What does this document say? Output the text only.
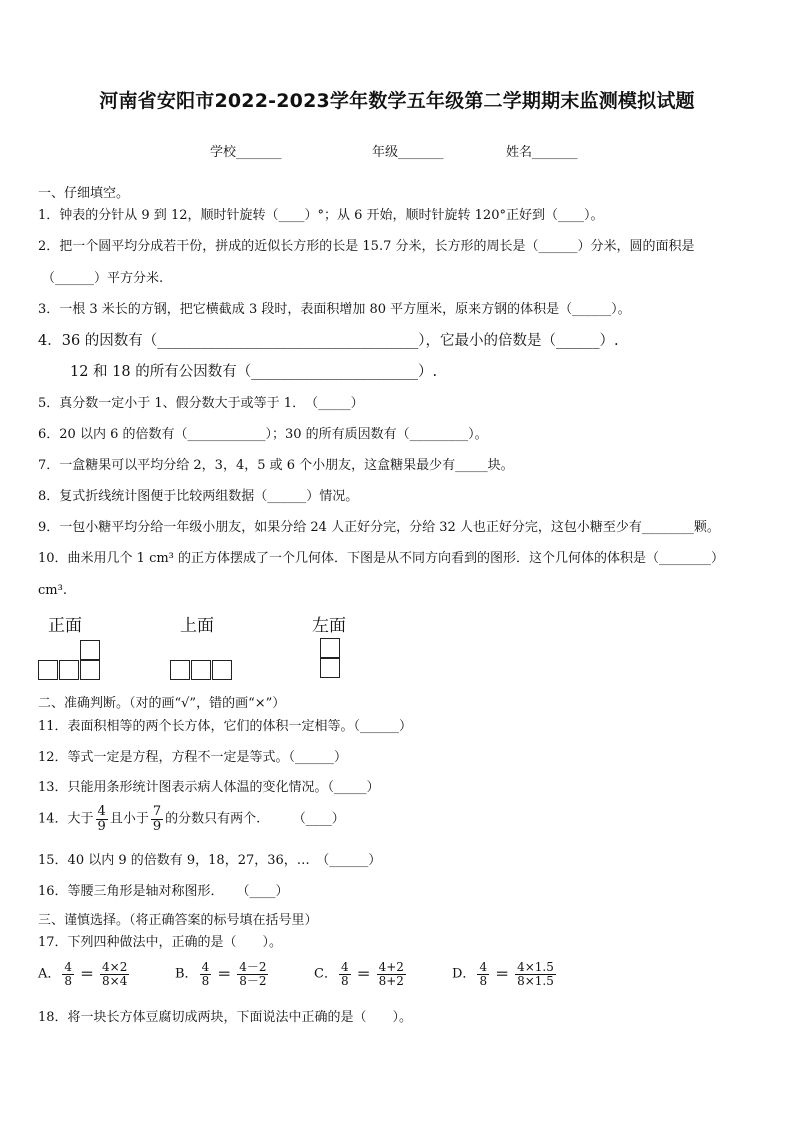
河南省安阳市2022-2023学年数学五年级第二学期期末监测模拟试题
学校_______	年级_______	姓名_______
一、仔细填空。
1．钟表的分针从 9 到 12，顺时针旋转（____）°；从 6 开始，顺时针旋转 120°正好到（____）。
2．把一个圆平均分成若干份，拼成的近似长方形的长是 15.7 分米，长方形的周长是（______）分米，圆的面积是
（______）平方分米.
3．一根 3 米长的方钢，把它横截成 3 段时，表面积增加 80 平方厘米，原来方钢的体积是（______）。
4．36 的因数有（____________________________________），它最小的倍数是（______）.
12 和 18 的所有公因数有（_______________________）.
5．真分数一定小于 1、假分数大于或等于 1．　（_____）
6．20 以内 6 的倍数有（____________）；30 的所有质因数有（_________）。
7．一盒糖果可以平均分给 2，3，4，5 或 6 个小朋友，这盒糖果最少有_____块。
8．复式折线统计图便于比较两组数据（______）情况。
9．一包小糖平均分给一年级小朋友，如果分给 24 人正好分完，分给 32 人也正好分完，这包小糖至少有________颗。
10．曲米用几个 1 cm³ 的正方体摆成了一个几何体．下图是从不同方向看到的图形．这个几何体的体积是（________）
cm³.
正面	上面	左面
二、准确判断。（对的画“√”，错的画“×”）
11．表面积相等的两个长方体，它们的体积一定相等。（______）
12．等式一定是方程，方程不一定是等式。（______）
13．只能用条形统计图表示病人体温的变化情况。（_____）
14．大于 $\frac{4}{9}$ 且小于 $\frac{7}{9}$ 的分数只有两个.　　　（____）
15．40 以内 9 的倍数有 9，18，27，36，…　（______）
16．等腰三角形是轴对称图形．　　（____）
三、谨慎选择。（将正确答案的标号填在括号里）
17．下列四种做法中，正确的是（　　）。
A． $\frac{4}{8} = \frac{4\times 2}{8\times 4}$	B． $\frac{4}{8} = \frac{4-2}{8-2}$	C． $\frac{4}{8} = \frac{4+2}{8+2}$	D． $\frac{4}{8} = \frac{4\times 1.5}{8\times 1.5}$
18．将一块长方体豆腐切成两块，下面说法中正确的是（　　）。
